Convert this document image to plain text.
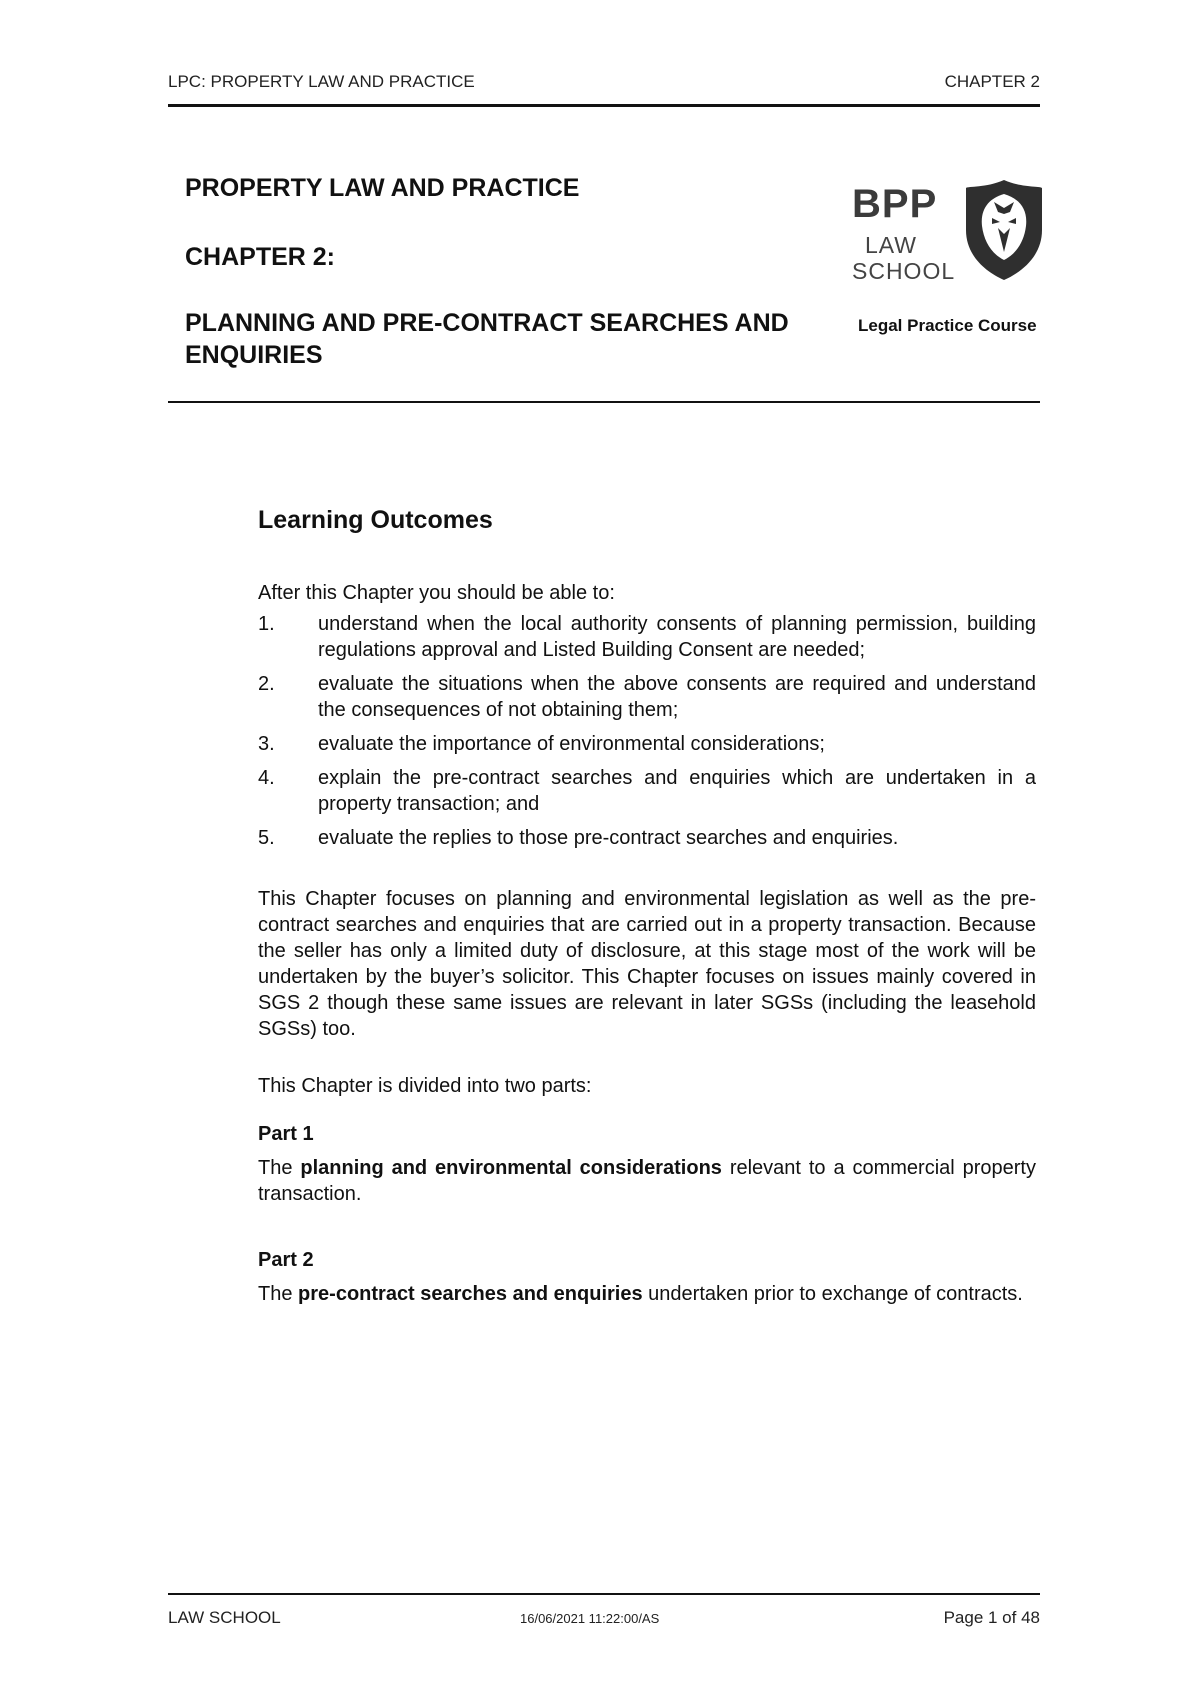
LPC: PROPERTY LAW AND PRACTICE	CHAPTER 2
PROPERTY LAW AND PRACTICE
CHAPTER 2:
PLANNING AND PRE-CONTRACT SEARCHES AND ENQUIRIES
BPP
LAW
SCHOOL
Legal Practice Course
Learning Outcomes
After this Chapter you should be able to:
1. understand when the local authority consents of planning permission, building regulations approval and Listed Building Consent are needed;
2. evaluate the situations when the above consents are required and understand the consequences of not obtaining them;
3. evaluate the importance of environmental considerations;
4. explain the pre-contract searches and enquiries which are undertaken in a property transaction; and
5. evaluate the replies to those pre-contract searches and enquiries.
This Chapter focuses on planning and environmental legislation as well as the pre-contract searches and enquiries that are carried out in a property transaction. Because the seller has only a limited duty of disclosure, at this stage most of the work will be undertaken by the buyer’s solicitor. This Chapter focuses on issues mainly covered in SGS 2 though these same issues are relevant in later SGSs (including the leasehold SGSs) too.
This Chapter is divided into two parts:
Part 1
The planning and environmental considerations relevant to a commercial property transaction.
Part 2
The pre-contract searches and enquiries undertaken prior to exchange of contracts.
LAW SCHOOL	16/06/2021 11:22:00/AS	Page 1 of 48
